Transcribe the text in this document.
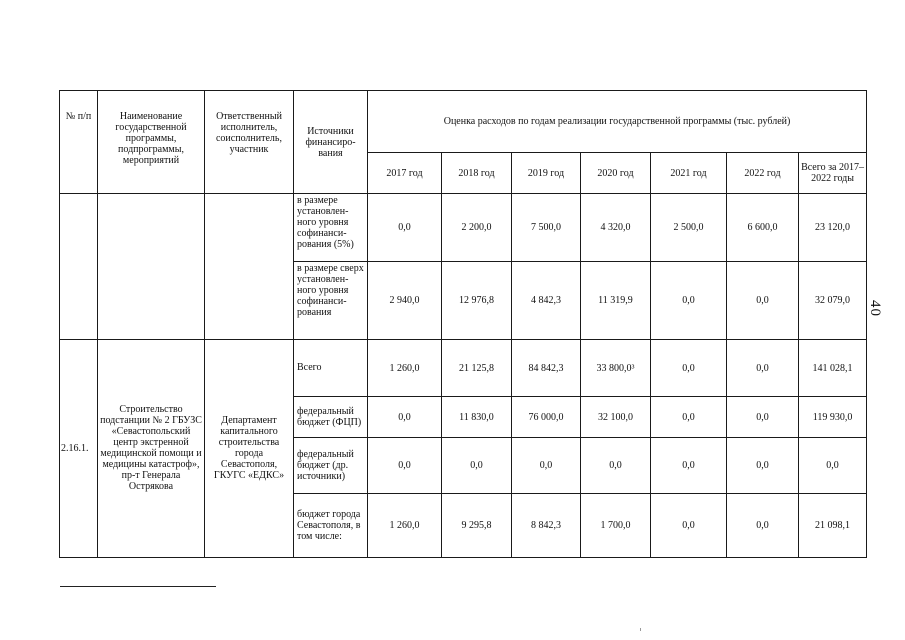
№ п/п	Наименование государственной программы, подпрограммы, мероприятий	Ответственный исполнитель, соисполнитель, участник	Источники финансиро-вания	Оценка расходов по годам реализации государственной программы (тыс. рублей)						
				2017 год	2018 год	2019 год	2020 год	2021 год	2022 год	Всего за 2017–2022 годы
			в размере установлен-ного уровня софинанси-рования (5%)	0,0	2 200,0	7 500,0	4 320,0	2 500,0	6 600,0	23 120,0
			в размере сверх установлен-ного уровня софинанси-рования	2 940,0	12 976,8	4 842,3	11 319,9	0,0	0,0	32 079,0
2.16.1.	Строительство подстанции № 2 ГБУЗС «Севастопольский центр экстренной медицинской помощи и медицины катастроф», пр-т Генерала Острякова	Департамент капитального строительства города Севастополя, ГКУГС «ЕДКС»	Всего	1 260,0	21 125,8	84 842,3	33 800,0³	0,0	0,0	141 028,1
			федеральный бюджет (ФЦП)	0,0	11 830,0	76 000,0	32 100,0	0,0	0,0	119 930,0
			федеральный бюджет (др. источники)	0,0	0,0	0,0	0,0	0,0	0,0	0,0
			бюджет города Севастополя, в том числе:	1 260,0	9 295,8	8 842,3	1 700,0	0,0	0,0	21 098,1
40
